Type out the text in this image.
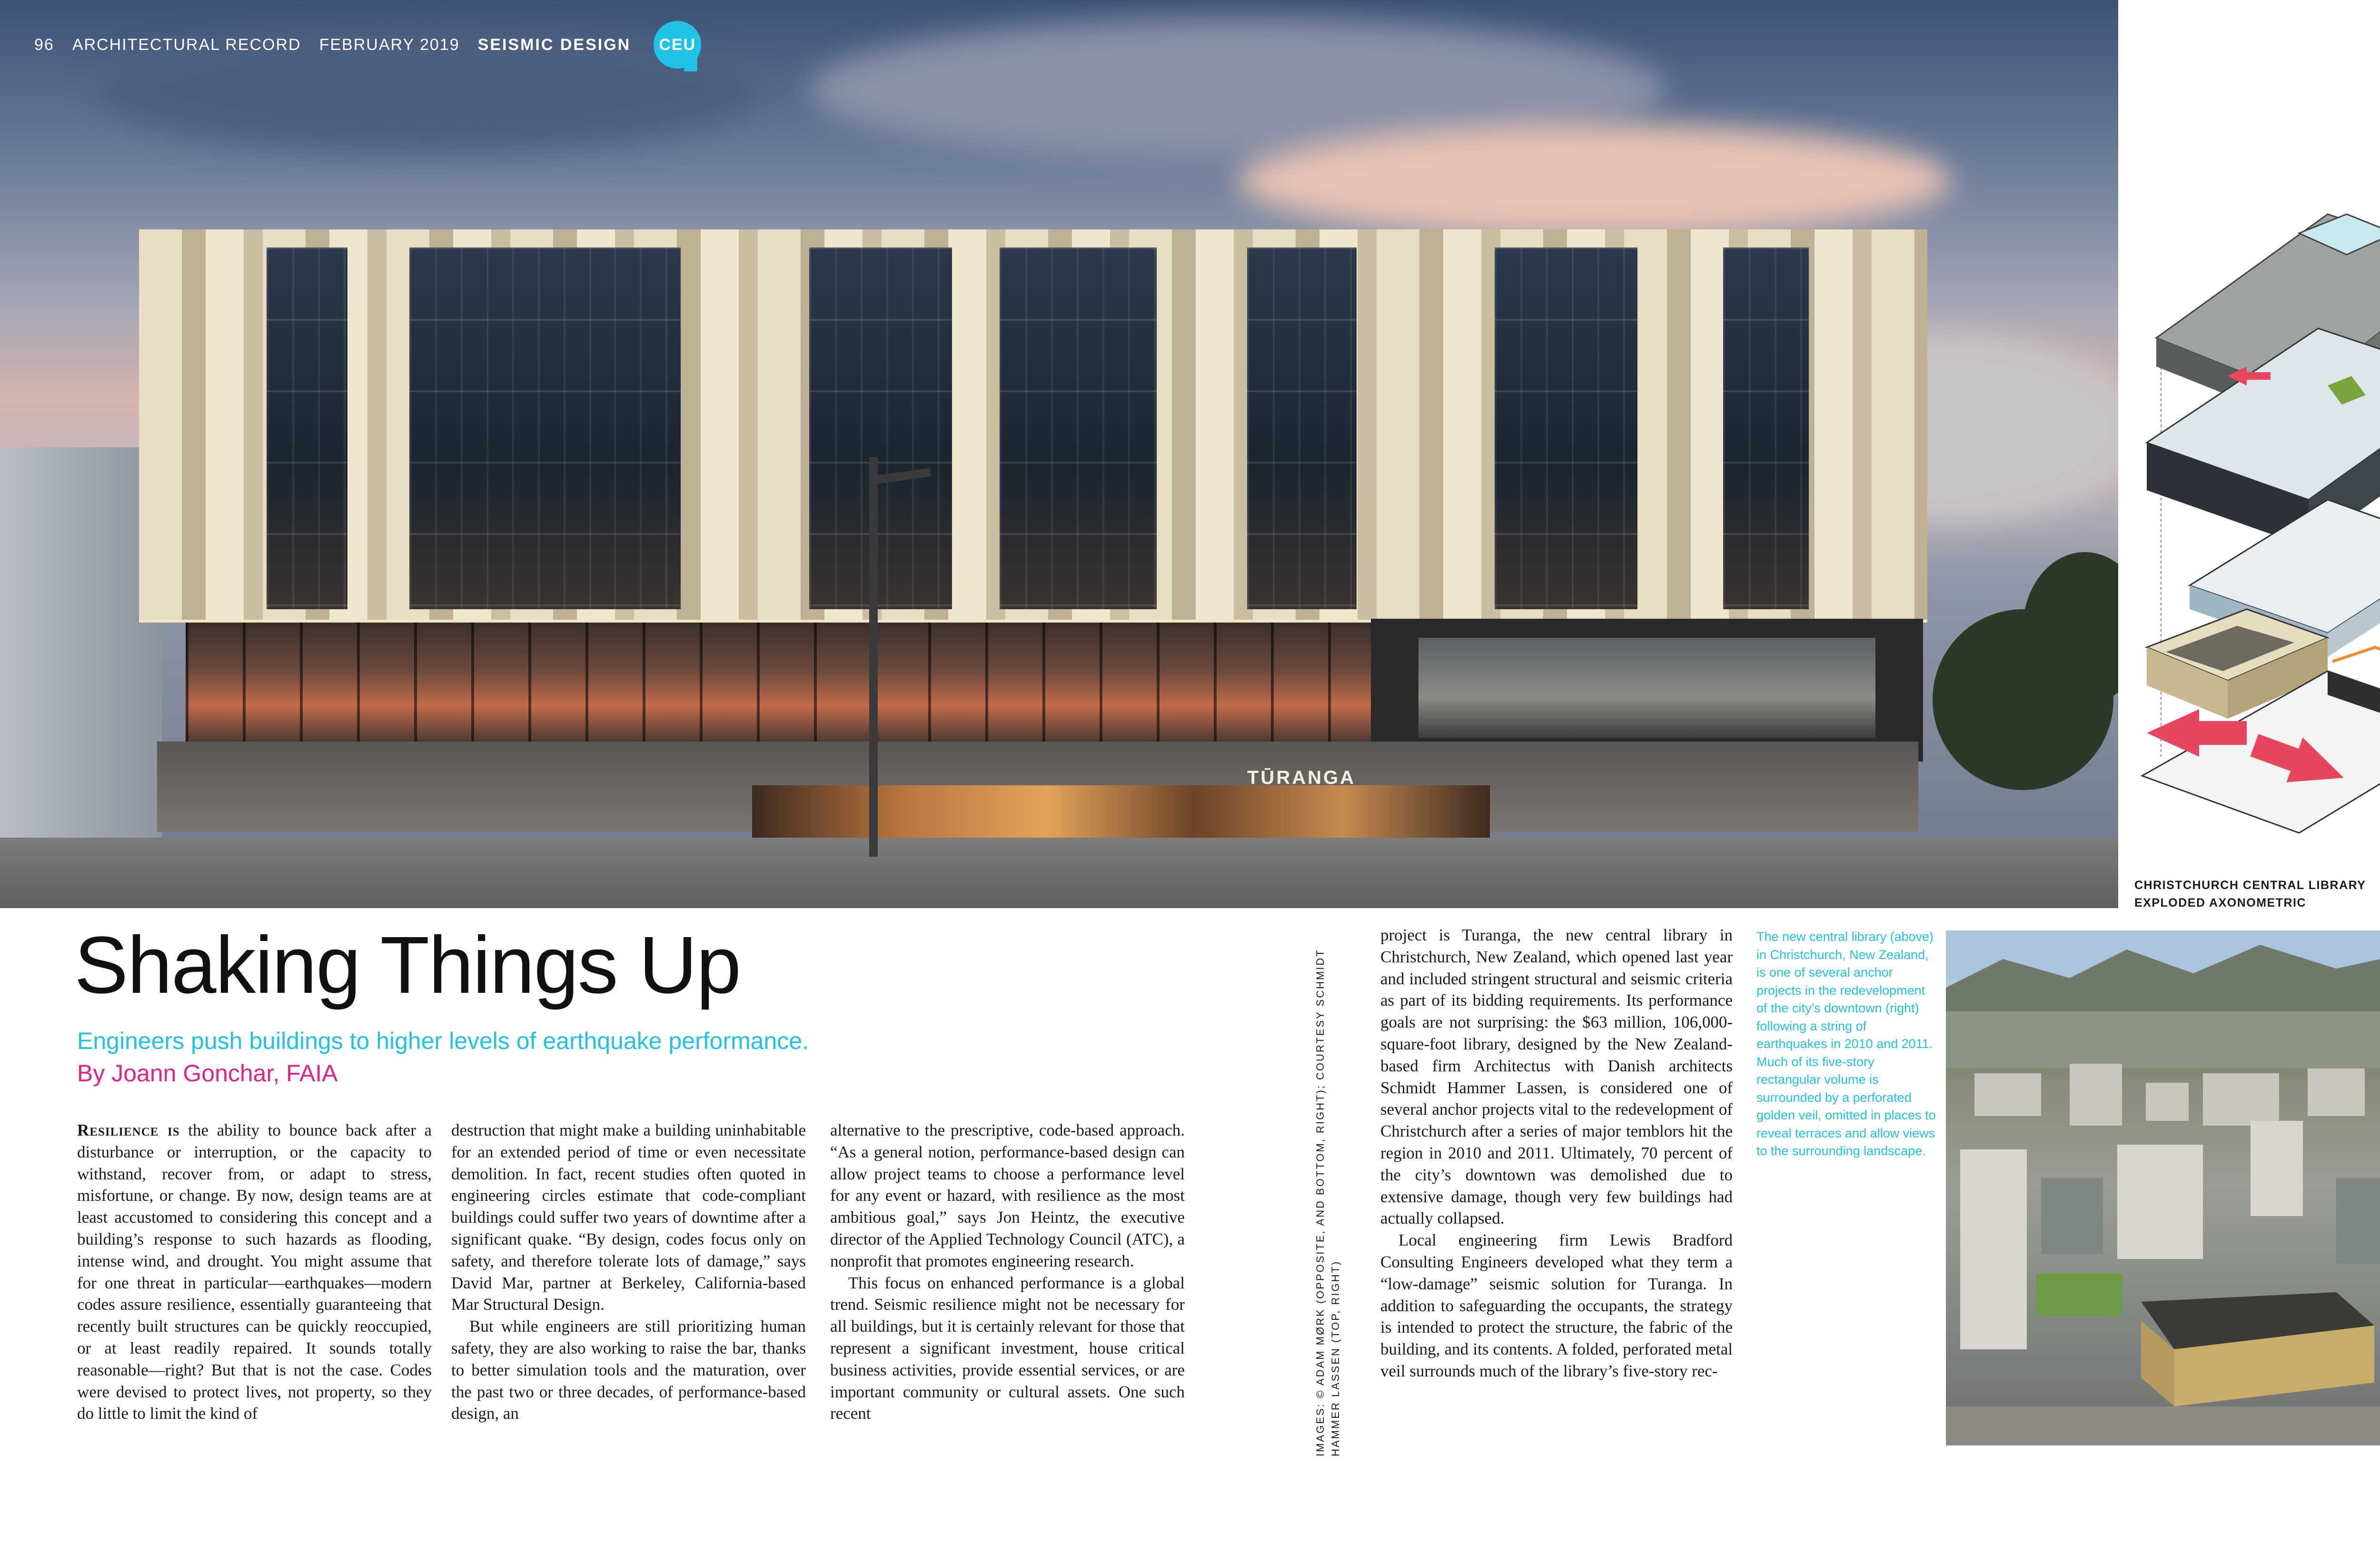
TŪRANGA
96 ARCHITECTURAL RECORD FEBRUARY 2019 SEISMIC DESIGN CEU
CHRISTCHURCH CENTRAL LIBRARY
EXPLODED AXONOMETRIC
Shaking Things Up
Engineers push buildings to higher levels of earthquake performance.
By Joann Gonchar, FAIA

Resilience is the ability to bounce back after a disturbance or interruption, or the capacity to withstand, recover from, or adapt to stress, misfortune, or change. By now, design teams are at least accustomed to considering this concept and a building’s response to such hazards as flooding, intense wind, and drought. You might assume that for one threat in particular—earthquakes—modern codes assure resilience, essentially guaranteeing that recently built structures can be quickly reoccupied, or at least readily repaired. It sounds totally reasonable—right? But that is not the case. Codes were devised to protect lives, not property, so they do little to limit the kind of

destruction that might make a building uninhabitable for an extended period of time or even necessitate demolition. In fact, recent studies often quoted in engineering circles estimate that code-compliant buildings could suffer two years of downtime after a significant quake. “By design, codes focus only on safety, and therefore tolerate lots of damage,” says David Mar, partner at Berkeley, California-based Mar Structural Design.

But while engineers are still prioritizing human safety, they are also working to raise the bar, thanks to better simulation tools and the maturation, over the past two or three decades, of performance-based design, an

alternative to the prescriptive, code-based approach. “As a general notion, performance-based design can allow project teams to choose a performance level for any event or hazard, with resilience as the most ambitious goal,” says Jon Heintz, the executive director of the Applied Technology Council (ATC), a nonprofit that promotes engineering research.

This focus on enhanced performance is a global trend. Seismic resilience might not be necessary for all buildings, but it is certainly relevant for those that represent a significant investment, house critical business activities, provide essential services, or are important community or cultural assets. One such recent

project is Turanga, the new central library in Christchurch, New Zealand, which opened last year and included stringent structural and seismic criteria as part of its bidding requirements. Its performance goals are not surprising: the $63 million, 106,000-square-foot library, designed by the New Zealand-based firm Architectus with Danish architects Schmidt Hammer Lassen, is considered one of several anchor projects vital to the redevelopment of Christchurch after a series of major temblors hit the region in 2010 and 2011. Ultimately, 70 percent of the city’s downtown was demolished due to extensive damage, though very few buildings had actually collapsed.

Local engineering firm Lewis Bradford Consulting Engineers developed what they term a “low-damage” seismic solution for Turanga. In addition to safeguarding the occupants, the strategy is intended to protect the structure, the fabric of the building, and its contents. A folded, perforated metal veil surrounds much of the library’s five-story rec-

IMAGES: © ADAM MØRK (OPPOSITE, AND BOTTOM, RIGHT); COURTESY SCHMIDT HAMMER LASSEN (TOP, RIGHT)
The new central library (above) in Christchurch, New Zealand, is one of several anchor projects in the redevelopment of the city’s downtown (right) following a string of earthquakes in 2010 and 2011. Much of its five-story rectangular volume is surrounded by a perforated golden veil, omitted in places to reveal terraces and allow views to the surrounding landscape.
